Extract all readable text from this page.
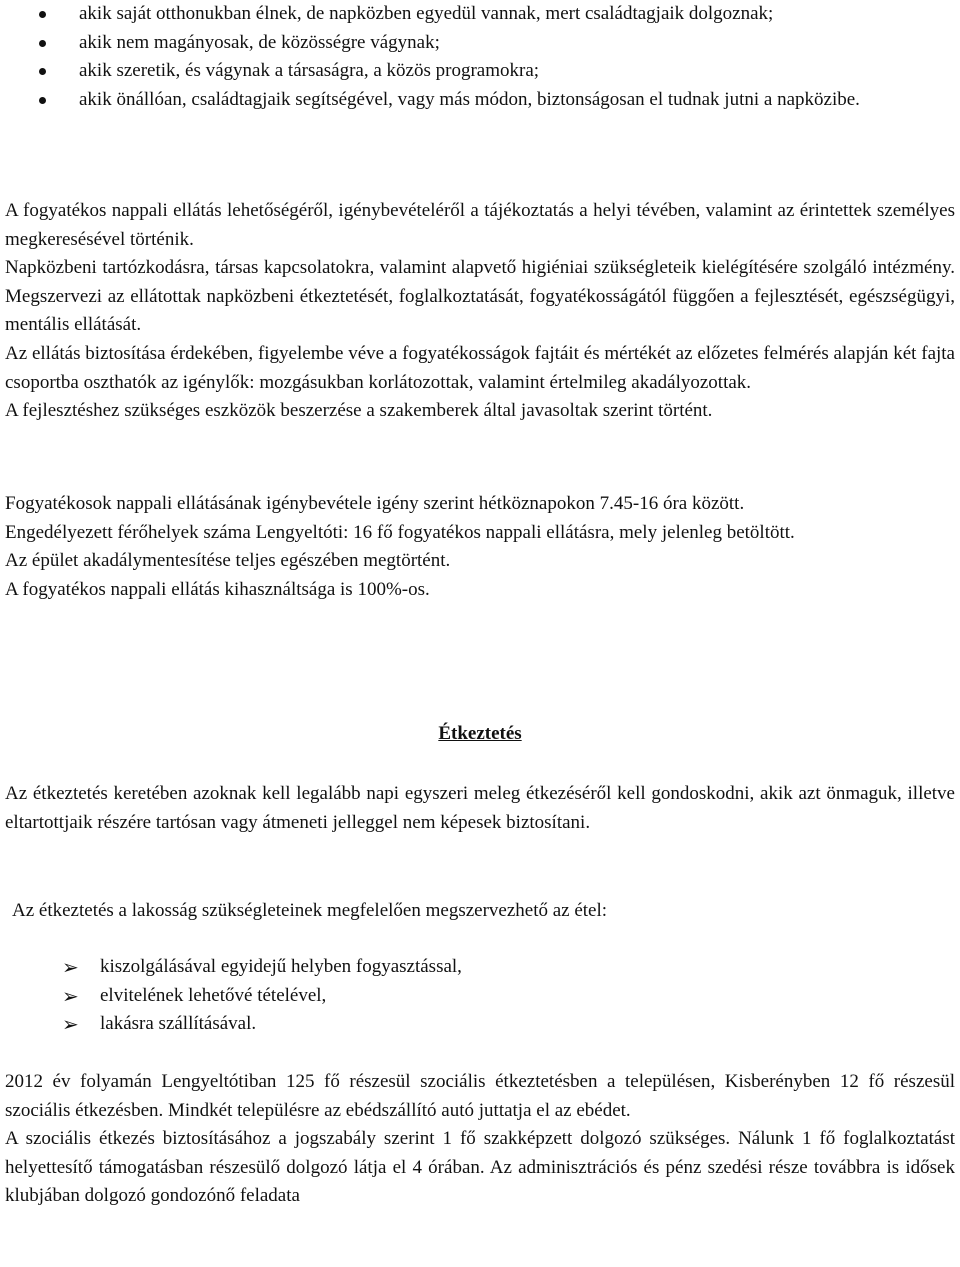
akik saját otthonukban élnek, de napközben egyedül vannak, mert családtagjaik dolgoznak;
akik nem magányosak, de közösségre vágynak;
akik szeretik, és vágynak a társaságra, a közös programokra;
akik önállóan, családtagjaik segítségével, vagy más módon, biztonságosan el tudnak jutni a napközibe.

A fogyatékos nappali ellátás lehetőségéről, igénybevételéről a tájékoztatás a helyi tévében, valamint az érintettek személyes megkeresésével történik.

Napközbeni tartózkodásra, társas kapcsolatokra, valamint alapvető higiéniai szükségleteik kielégítésére szolgáló intézmény. Megszervezi az ellátottak napközbeni étkeztetését, foglalkoztatását, fogyatékosságától függően a fejlesztését, egészségügyi, mentális ellátását.

Az ellátás biztosítása érdekében, figyelembe véve a fogyatékosságok fajtáit és mértékét az előzetes felmérés alapján két fajta csoportba oszthatók az igénylők: mozgásukban korlátozottak, valamint értelmileg akadályozottak.

A fejlesztéshez szükséges eszközök beszerzése a szakemberek által javasoltak szerint történt.

Fogyatékosok nappali ellátásának igénybevétele igény szerint hétköznapokon 7.45-16 óra között.

Engedélyezett férőhelyek száma Lengyeltóti: 16 fő fogyatékos nappali ellátásra, mely jelenleg betöltött.

Az épület akadálymentesítése teljes egészében megtörtént.

A fogyatékos nappali ellátás kihasználtsága is 100%-os.

Étkeztetés

Az étkeztetés keretében azoknak kell legalább napi egyszeri meleg étkezéséről kell gondoskodni, akik azt önmaguk, illetve eltartottjaik részére tartósan vagy átmeneti jelleggel nem képesek biztosítani.

Az étkeztetés a lakosság szükségleteinek megfelelően megszervezhető az étel:

➢ kiszolgálásával egyidejű helyben fogyasztással,
➢ elvitelének lehetővé tételével,
➢ lakásra szállításával.

2012 év folyamán Lengyeltótiban 125 fő részesül szociális étkeztetésben a településen, Kisberényben 12 fő részesül szociális étkezésben. Mindkét településre az ebédszállító autó juttatja el az ebédet.

A szociális étkezés biztosításához a jogszabály szerint 1 fő szakképzett dolgozó szükséges. Nálunk 1 fő foglalkoztatást helyettesítő támogatásban részesülő dolgozó látja el 4 órában. Az adminisztrációs és pénz szedési része továbbra is idősek klubjában dolgozó gondozónő feladata
